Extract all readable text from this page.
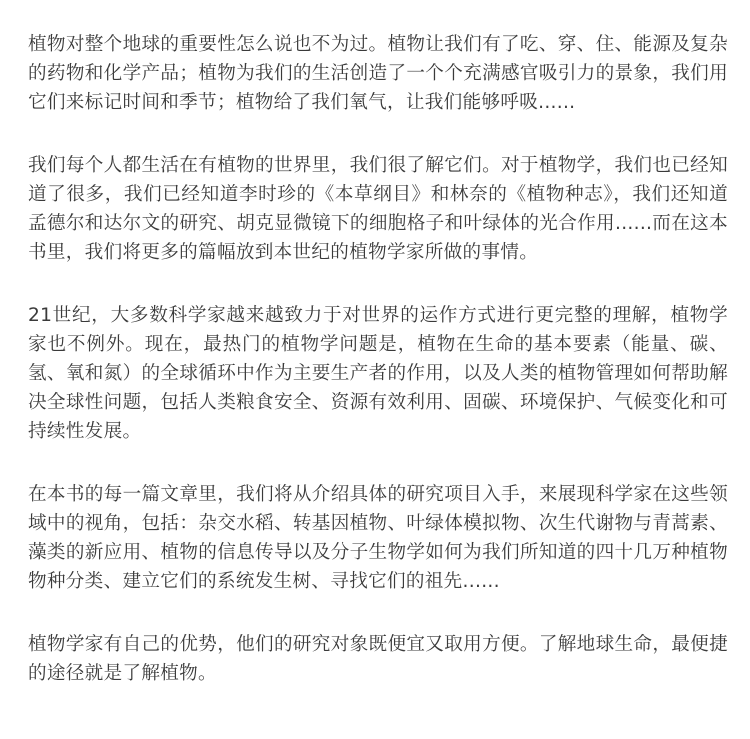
植物对整个地球的重要性怎么说也不为过。植物让我们有了吃、穿、住、能源及复杂的药物和化学产品；植物为我们的生活创造了一个个充满感官吸引力的景象，我们用它们来标记时间和季节；植物给了我们氧气，让我们能够呼吸......

我们每个人都生活在有植物的世界里，我们很了解它们。对于植物学，我们也已经知道了很多，我们已经知道李时珍的《本草纲目》和林奈的《植物种志》，我们还知道孟德尔和达尔文的研究、胡克显微镜下的细胞格子和叶绿体的光合作用......而在这本书里，我们将更多的篇幅放到本世纪的植物学家所做的事情。

21世纪，大多数科学家越来越致力于对世界的运作方式进行更完整的理解，植物学家也不例外。现在，最热门的植物学问题是，植物在生命的基本要素（能量、碳、氢、氧和氮）的全球循环中作为主要生产者的作用，以及人类的植物管理如何帮助解决全球性问题，包括人类粮食安全、资源有效利用、固碳、环境保护、气候变化和可持续性发展。

在本书的每一篇文章里，我们将从介绍具体的研究项目入手，来展现科学家在这些领域中的视角，包括：杂交水稻、转基因植物、叶绿体模拟物、次生代谢物与青蒿素、藻类的新应用、植物的信息传导以及分子生物学如何为我们所知道的四十几万种植物物种分类、建立它们的系统发生树、寻找它们的祖先......

植物学家有自己的优势，他们的研究对象既便宜又取用方便。了解地球生命，最便捷的途径就是了解植物。
